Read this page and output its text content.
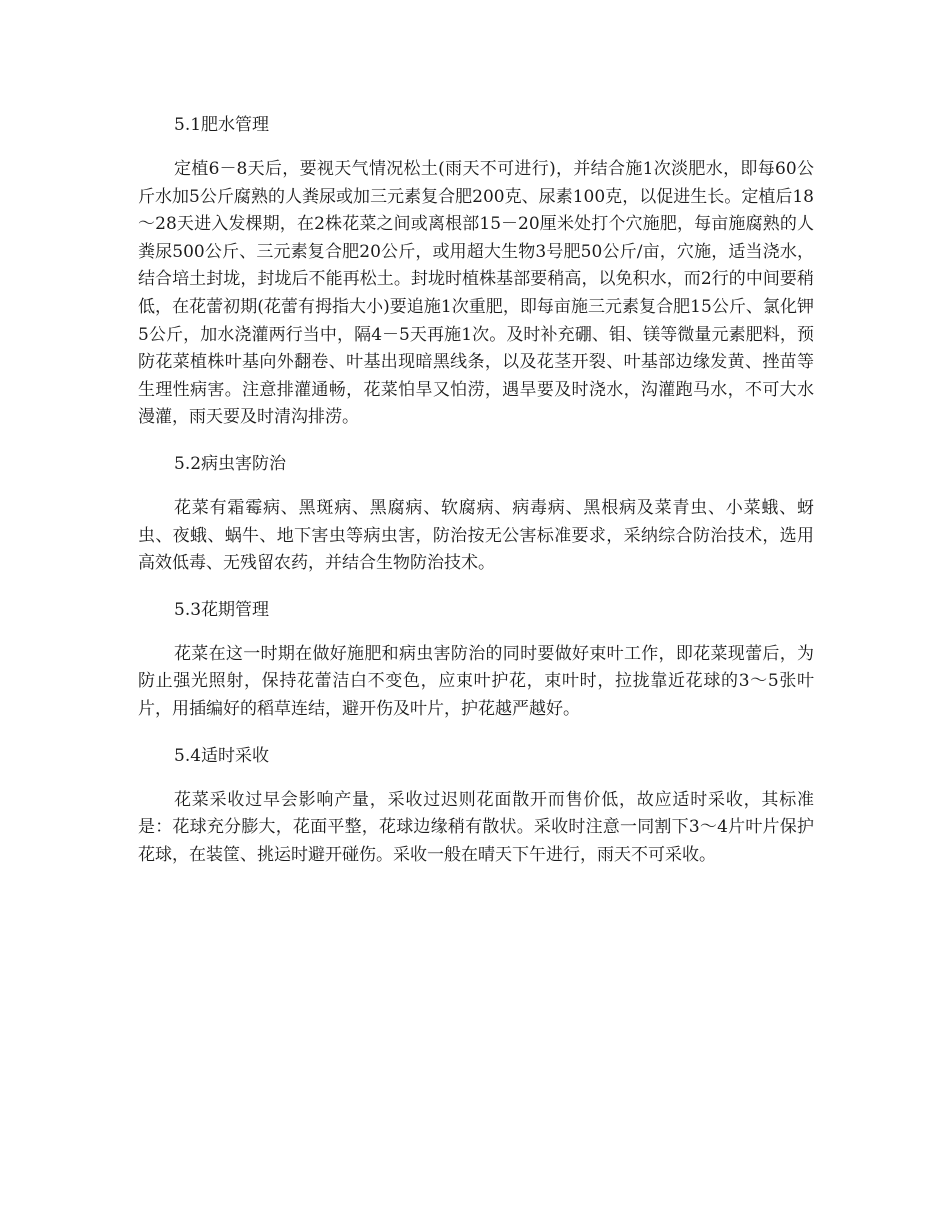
5.1肥水管理

定植6－8天后，要视天气情况松土(雨天不可进行)，并结合施1次淡肥水，即每60公斤水加5公斤腐熟的人粪尿或加三元素复合肥200克、尿素100克，以促进生长。定植后18～28天进入发棵期，在2株花菜之间或离根部15－20厘米处打个穴施肥，每亩施腐熟的人粪尿500公斤、三元素复合肥20公斤，或用超大生物3号肥50公斤/亩，穴施，适当浇水，结合培土封垅，封垅后不能再松土。封垅时植株基部要稍高，以免积水，而2行的中间要稍低，在花蕾初期(花蕾有拇指大小)要追施1次重肥，即每亩施三元素复合肥15公斤、氯化钾5公斤，加水浇灌两行当中，隔4－5天再施1次。及时补充硼、钼、镁等微量元素肥料，预防花菜植株叶基向外翻卷、叶基出现暗黑线条，以及花茎开裂、叶基部边缘发黄、挫苗等生理性病害。注意排灌通畅，花菜怕旱又怕涝，遇旱要及时浇水，沟灌跑马水，不可大水漫灌，雨天要及时清沟排涝。

5.2病虫害防治

花菜有霜霉病、黑斑病、黑腐病、软腐病、病毒病、黑根病及菜青虫、小菜蛾、蚜虫、夜蛾、蜗牛、地下害虫等病虫害，防治按无公害标准要求，采纳综合防治技术，选用高效低毒、无残留农药，并结合生物防治技术。

5.3花期管理

花菜在这一时期在做好施肥和病虫害防治的同时要做好束叶工作，即花菜现蕾后，为防止强光照射，保持花蕾洁白不变色，应束叶护花，束叶时，拉拢靠近花球的3～5张叶片，用插编好的稻草连结，避开伤及叶片，护花越严越好。

5.4适时采收

花菜采收过早会影响产量，采收过迟则花面散开而售价低，故应适时采收，其标准是：花球充分膨大，花面平整，花球边缘稍有散状。采收时注意一同割下3～4片叶片保护花球，在装筐、挑运时避开碰伤。采收一般在晴天下午进行，雨天不可采收。
